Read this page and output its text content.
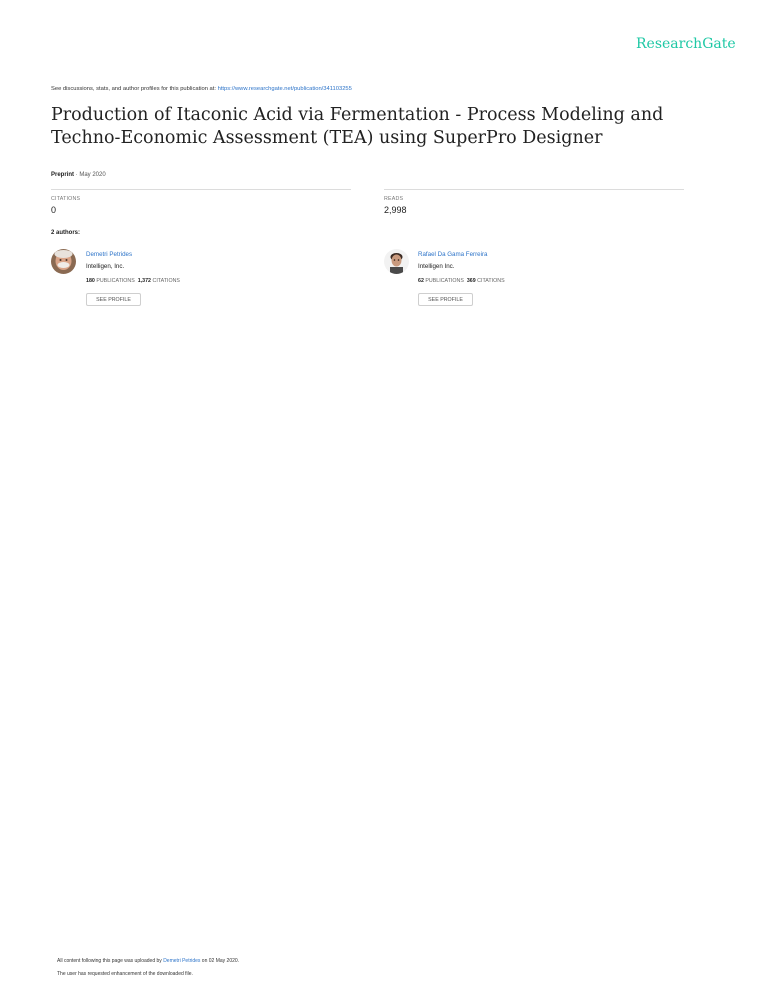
ResearchGate
See discussions, stats, and author profiles for this publication at: https://www.researchgate.net/publication/341103255
Production of Itaconic Acid via Fermentation - Process Modeling and Techno-Economic Assessment (TEA) using SuperPro Designer
Preprint · May 2020
CITATIONS
0
READS
2,998
2 authors:
Demetri Petrides
Intelligen, Inc.
180 PUBLICATIONS 1,372 CITATIONS
SEE PROFILE
Rafael Da Gama Ferreira
Intelligen Inc.
62 PUBLICATIONS 369 CITATIONS
SEE PROFILE
All content following this page was uploaded by Demetri Petrides on 02 May 2020.
The user has requested enhancement of the downloaded file.
